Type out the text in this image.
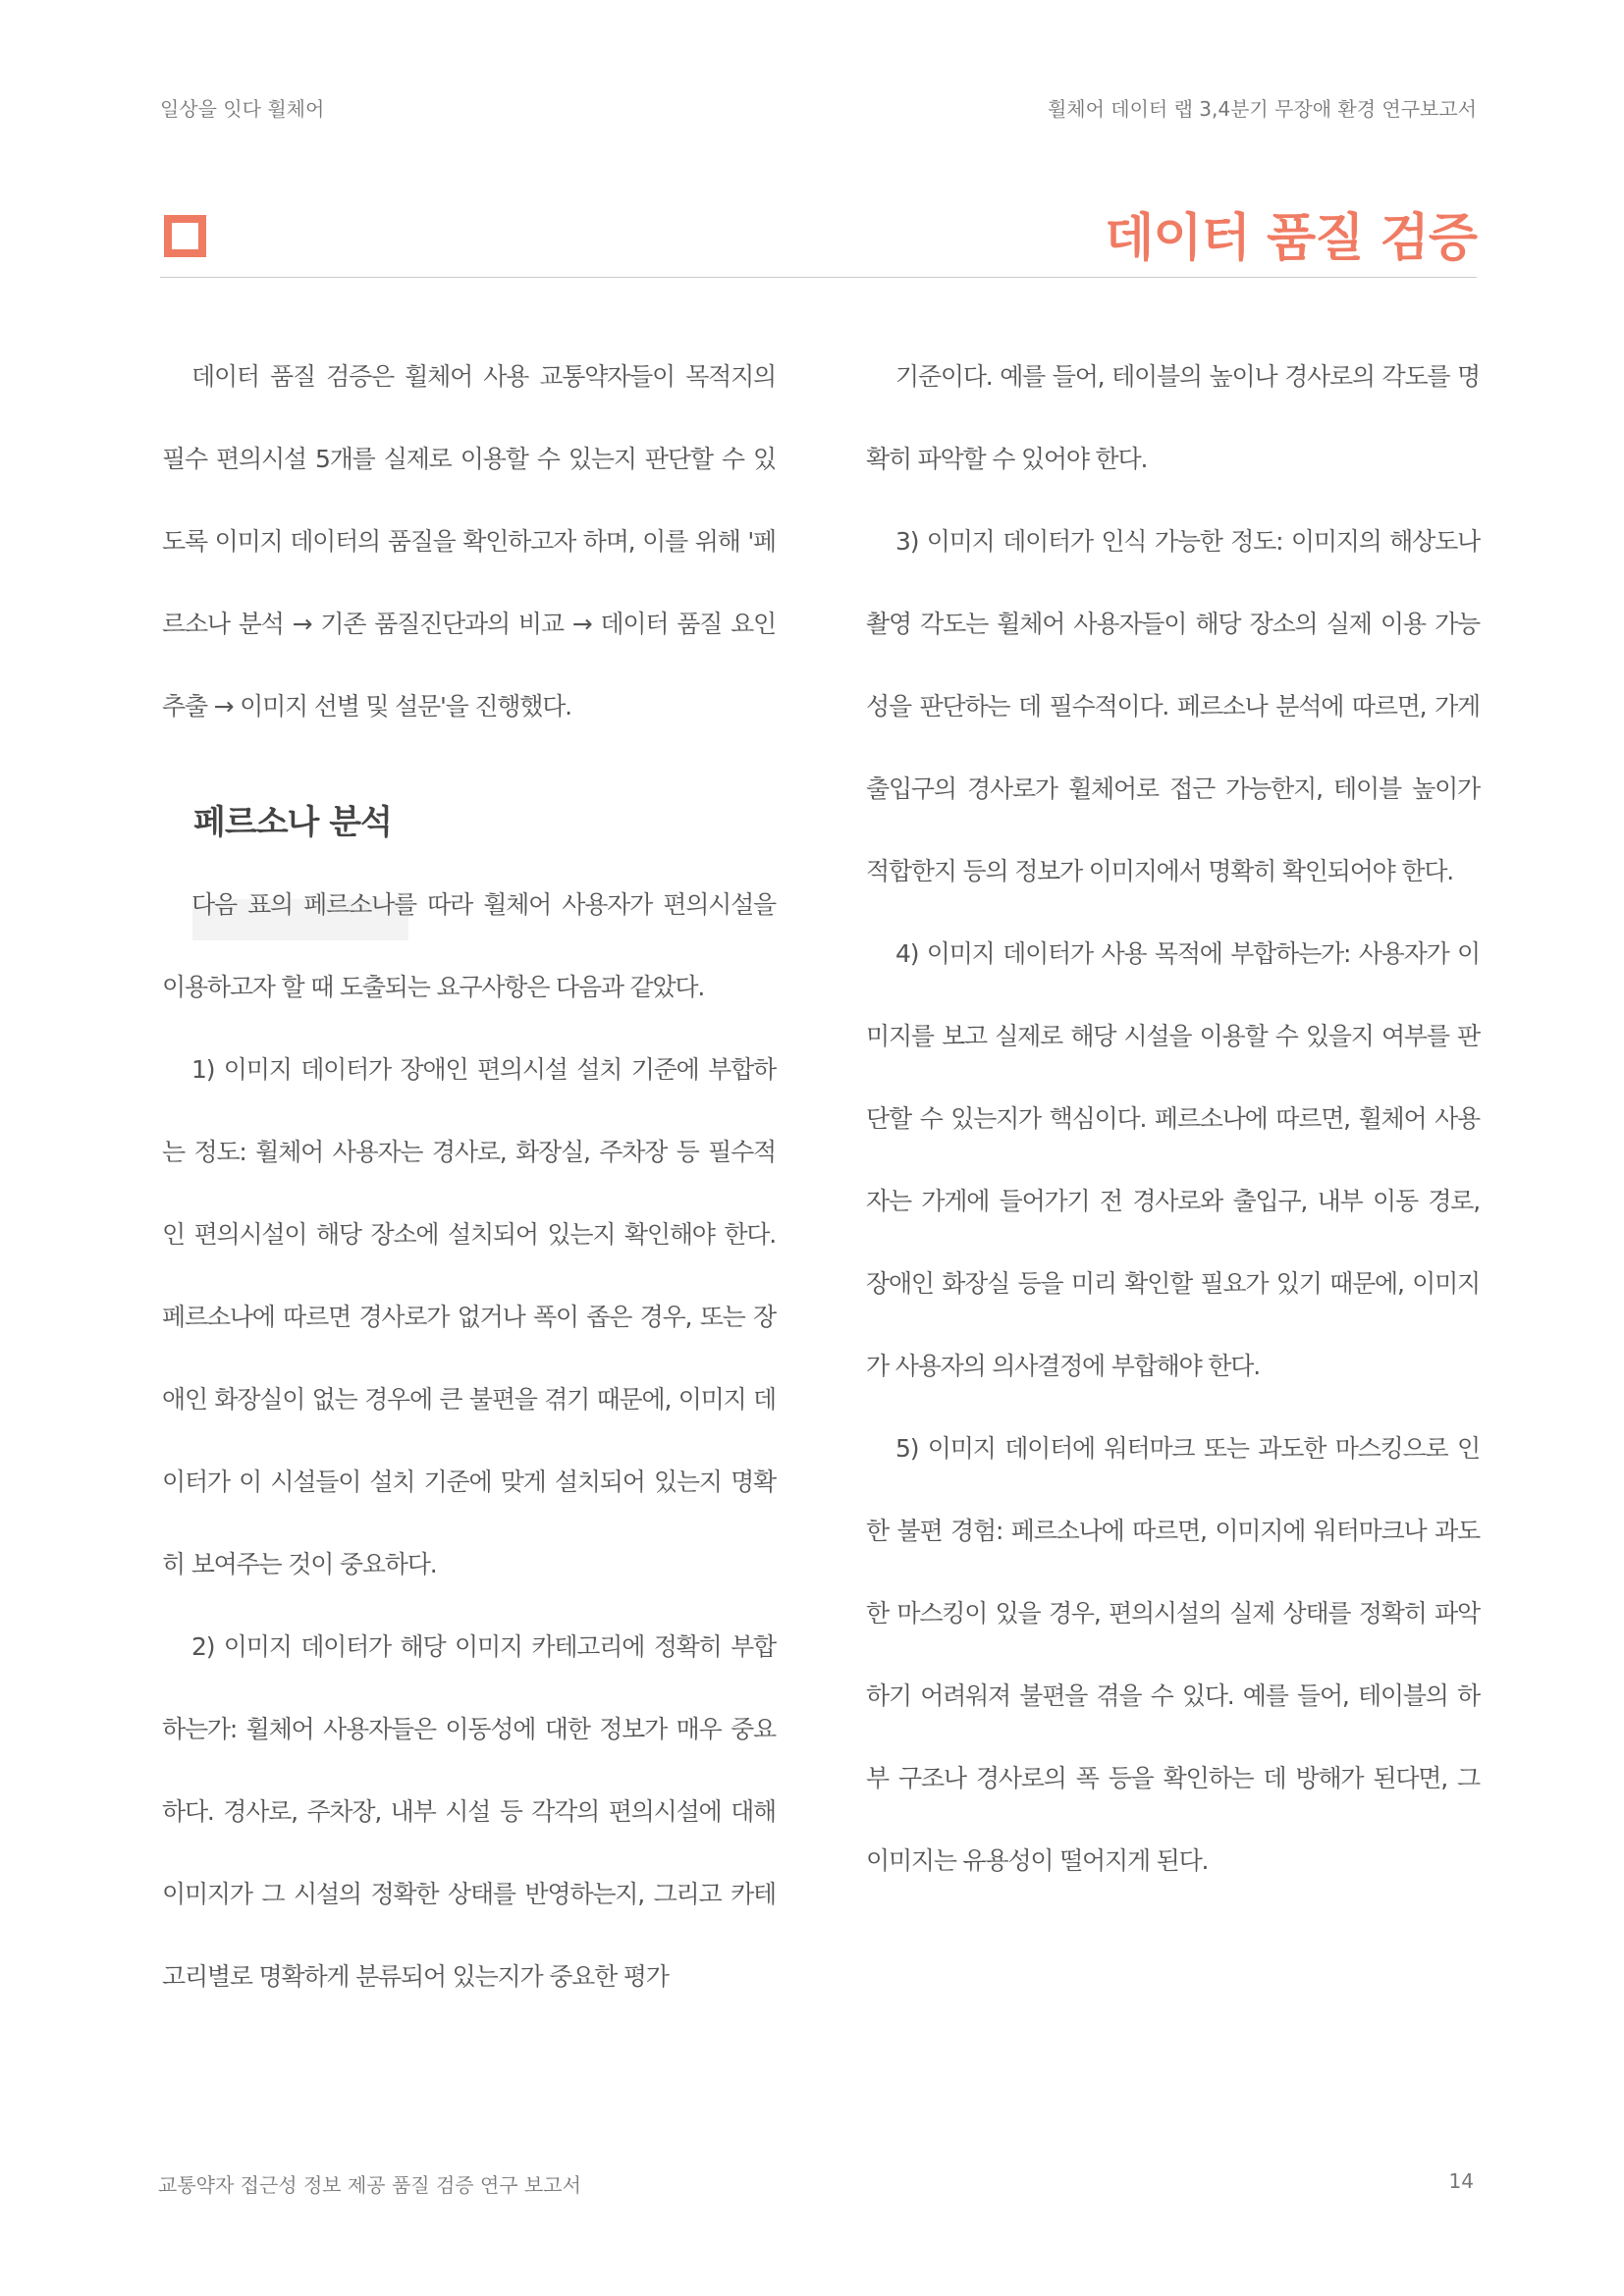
일상을 잇다 휠체어	휠체어 데이터 랩 3,4분기 무장애 환경 연구보고서
데이터 품질 검증

데이터 품질 검증은 휠체어 사용 교통약자들이 목적지의 필수 편의시설 5개를 실제로 이용할 수 있는지 판단할 수 있도록 이미지 데이터의 품질을 확인하고자 하며, 이를 위해 '페르소나 분석 → 기존 품질진단과의 비교 → 데이터 품질 요인 추출 → 이미지 선별 및 설문'을 진행했다.

페르소나 분석

다음 표의 페르소나를 따라 휠체어 사용자가 편의시설을 이용하고자 할 때 도출되는 요구사항은 다음과 같았다.

1) 이미지 데이터가 장애인 편의시설 설치 기준에 부합하는 정도: 휠체어 사용자는 경사로, 화장실, 주차장 등 필수적인 편의시설이 해당 장소에 설치되어 있는지 확인해야 한다. 페르소나에 따르면 경사로가 없거나 폭이 좁은 경우, 또는 장애인 화장실이 없는 경우에 큰 불편을 겪기 때문에, 이미지 데이터가 이 시설들이 설치 기준에 맞게 설치되어 있는지 명확히 보여주는 것이 중요하다.

2) 이미지 데이터가 해당 이미지 카테고리에 정확히 부합하는가: 휠체어 사용자들은 이동성에 대한 정보가 매우 중요하다. 경사로, 주차장, 내부 시설 등 각각의 편의시설에 대해 이미지가 그 시설의 정확한 상태를 반영하는지, 그리고 카테고리별로 명확하게 분류되어 있는지가 중요한 평가

기준이다. 예를 들어, 테이블의 높이나 경사로의 각도를 명확히 파악할 수 있어야 한다.

3) 이미지 데이터가 인식 가능한 정도: 이미지의 해상도나 촬영 각도는 휠체어 사용자들이 해당 장소의 실제 이용 가능성을 판단하는 데 필수적이다. 페르소나 분석에 따르면, 가게 출입구의 경사로가 휠체어로 접근 가능한지, 테이블 높이가 적합한지 등의 정보가 이미지에서 명확히 확인되어야 한다.

4) 이미지 데이터가 사용 목적에 부합하는가: 사용자가 이미지를 보고 실제로 해당 시설을 이용할 수 있을지 여부를 판단할 수 있는지가 핵심이다. 페르소나에 따르면, 휠체어 사용자는 가게에 들어가기 전 경사로와 출입구, 내부 이동 경로, 장애인 화장실 등을 미리 확인할 필요가 있기 때문에, 이미지가 사용자의 의사결정에 부합해야 한다.

5) 이미지 데이터에 워터마크 또는 과도한 마스킹으로 인한 불편 경험: 페르소나에 따르면, 이미지에 워터마크나 과도한 마스킹이 있을 경우, 편의시설의 실제 상태를 정확히 파악하기 어려워져 불편을 겪을 수 있다. 예를 들어, 테이블의 하부 구조나 경사로의 폭 등을 확인하는 데 방해가 된다면, 그 이미지는 유용성이 떨어지게 된다.

교통약자 접근성 정보 제공 품질 검증 연구 보고서	14
